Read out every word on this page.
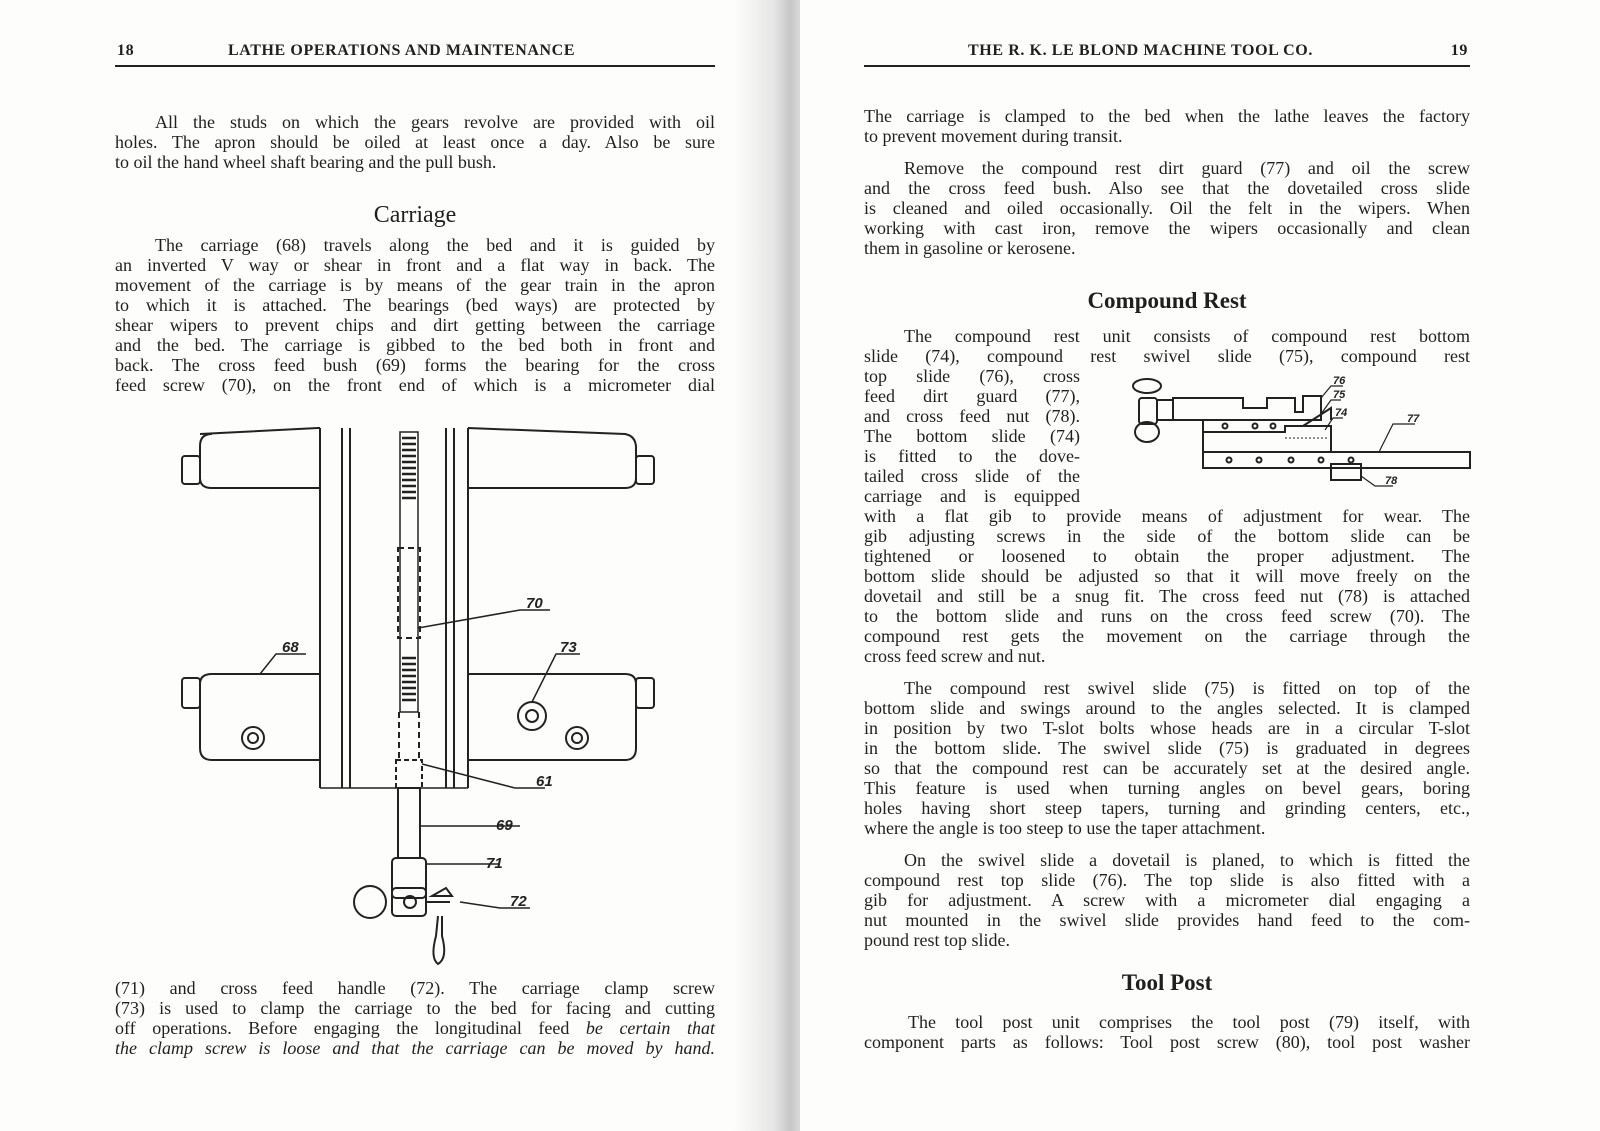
18	LATHE OPERATIONS AND MAINTENANCE
All the studs on which the gears revolve are provided with oil
holes. The apron should be oiled at least once a day. Also be sure
to oil the hand wheel shaft bearing and the pull bush.
Carriage
The carriage (68) travels along the bed and it is guided by
an inverted V way or shear in front and a flat way in back. The
movement of the carriage is by means of the gear train in the apron
to which it is attached. The bearings (bed ways) are protected by
shear wipers to prevent chips and dirt getting between the carriage
and the bed. The carriage is gibbed to the bed both in front and
back. The cross feed bush (69) forms the bearing for the cross
feed screw (70), on the front end of which is a micrometer dial
70
68	73
61
69
71
72
(71) and cross feed handle (72). The carriage clamp screw
(73) is used to clamp the carriage to the bed for facing and cutting
off operations. Before engaging the longitudinal feed be certain that
the clamp screw is loose and that the carriage can be moved by hand.
THE R. K. LE BLOND MACHINE TOOL CO.	19
The carriage is clamped to the bed when the lathe leaves the factory
to prevent movement during transit.
Remove the compound rest dirt guard (77) and oil the screw
and the cross feed bush. Also see that the dovetailed cross slide
is cleaned and oiled occasionally. Oil the felt in the wipers. When
working with cast iron, remove the wipers occasionally and clean
them in gasoline or kerosene.
Compound Rest
The compound rest unit consists of compound rest bottom
slide (74), compound rest swivel slide (75), compound rest
top slide (76), cross
feed dirt guard (77),
and cross feed nut (78).
The bottom slide (74)
is fitted to the dove-
tailed cross slide of the
carriage and is equipped
76
75
74	77
78
with a flat gib to provide means of adjustment for wear. The
gib adjusting screws in the side of the bottom slide can be
tightened or loosened to obtain the proper adjustment. The
bottom slide should be adjusted so that it will move freely on the
dovetail and still be a snug fit. The cross feed nut (78) is attached
to the bottom slide and runs on the cross feed screw (70). The
compound rest gets the movement on the carriage through the
cross feed screw and nut.
The compound rest swivel slide (75) is fitted on top of the
bottom slide and swings around to the angles selected. It is clamped
in position by two T-slot bolts whose heads are in a circular T-slot
in the bottom slide. The swivel slide (75) is graduated in degrees
so that the compound rest can be accurately set at the desired angle.
This feature is used when turning angles on bevel gears, boring
holes having short steep tapers, turning and grinding centers, etc.,
where the angle is too steep to use the taper attachment.
On the swivel slide a dovetail is planed, to which is fitted the
compound rest top slide (76). The top slide is also fitted with a
gib for adjustment. A screw with a micrometer dial engaging a
nut mounted in the swivel slide provides hand feed to the com-
pound rest top slide.
Tool Post
The tool post unit comprises the tool post (79) itself, with
component parts as follows: Tool post screw (80), tool post washer
